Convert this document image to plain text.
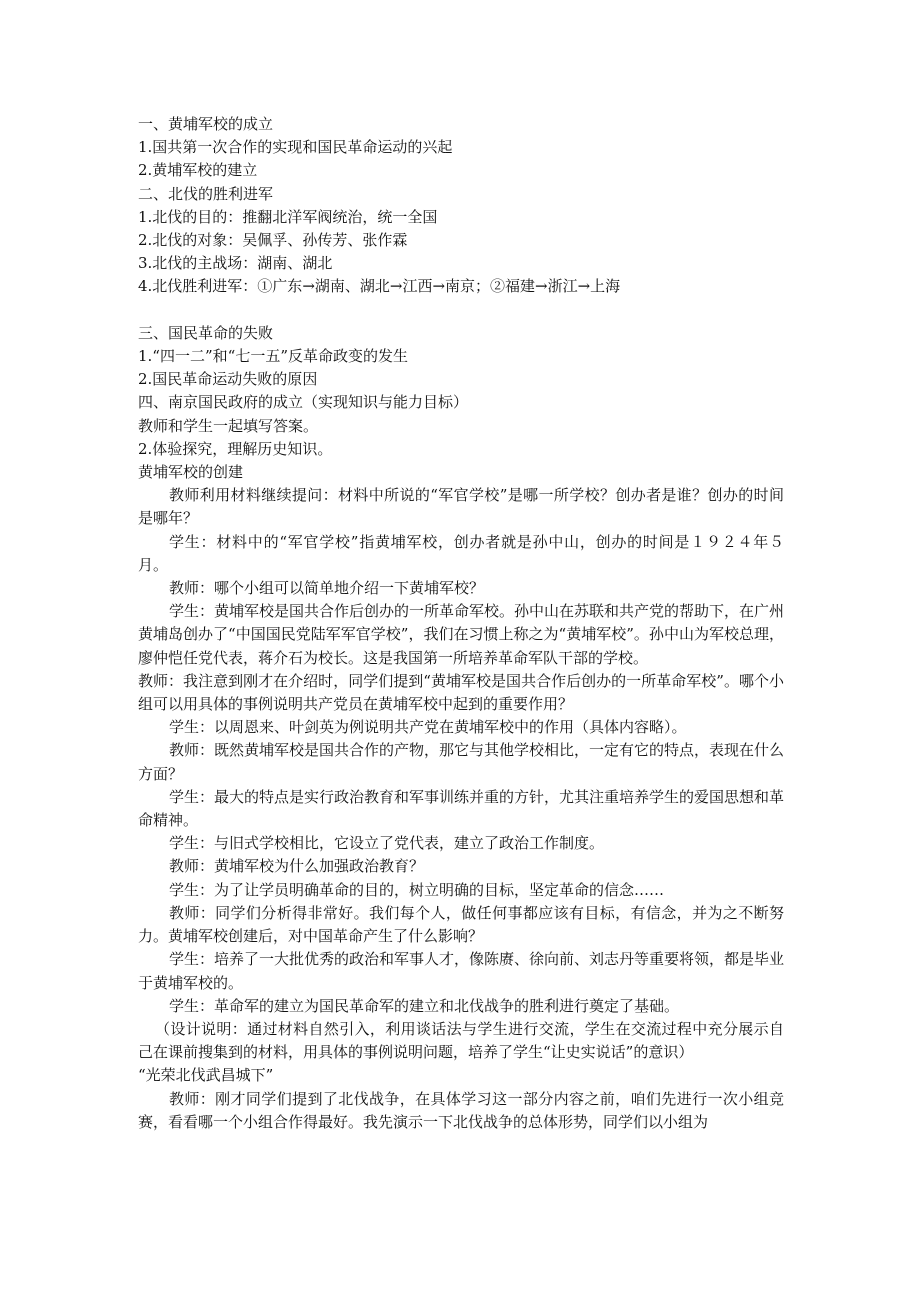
一、黄埔军校的成立
1.国共第一次合作的实现和国民革命运动的兴起
2.黄埔军校的建立
二、北伐的胜利进军
1.北伐的目的：推翻北洋军阀统治，统一全国
2.北伐的对象：吴佩孚、孙传芳、张作霖
3.北伐的主战场：湖南、湖北
4.北伐胜利进军：①广东→湖南、湖北→江西→南京；②福建→浙江→上海
三、国民革命的失败
1.“四一二”和“七一五”反革命政变的发生
2.国民革命运动失败的原因
四、南京国民政府的成立（实现知识与能力目标）
教师和学生一起填写答案。
2.体验探究，理解历史知识。
黄埔军校的创建
教师利用材料继续提问：材料中所说的“军官学校”是哪一所学校？创办者是谁？创办的时间是哪年？
学生：材料中的“军官学校”指黄埔军校，创办者就是孙中山，创办的时间是１９２４年５月。
教师：哪个小组可以简单地介绍一下黄埔军校？
学生：黄埔军校是国共合作后创办的一所革命军校。孙中山在苏联和共产党的帮助下，在广州黄埔岛创办了“中国国民党陆军军官学校”，我们在习惯上称之为“黄埔军校”。孙中山为军校总理，廖仲恺任党代表，蒋介石为校长。这是我国第一所培养革命军队干部的学校。
教师：我注意到刚才在介绍时，同学们提到“黄埔军校是国共合作后创办的一所革命军校”。哪个小组可以用具体的事例说明共产党员在黄埔军校中起到的重要作用？
学生：以周恩来、叶剑英为例说明共产党在黄埔军校中的作用（具体内容略）。
教师：既然黄埔军校是国共合作的产物，那它与其他学校相比，一定有它的特点，表现在什么方面？
学生：最大的特点是实行政治教育和军事训练并重的方针，尤其注重培养学生的爱国思想和革命精神。
学生：与旧式学校相比，它设立了党代表，建立了政治工作制度。
教师：黄埔军校为什么加强政治教育？
学生：为了让学员明确革命的目的，树立明确的目标，坚定革命的信念……
教师：同学们分析得非常好。我们每个人，做任何事都应该有目标，有信念，并为之不断努力。黄埔军校创建后，对中国革命产生了什么影响？
学生：培养了一大批优秀的政治和军事人才，像陈赓、徐向前、刘志丹等重要将领，都是毕业于黄埔军校的。
学生：革命军的建立为国民革命军的建立和北伐战争的胜利进行奠定了基础。
（设计说明：通过材料自然引入，利用谈话法与学生进行交流，学生在交流过程中充分展示自己在课前搜集到的材料，用具体的事例说明问题，培养了学生“让史实说话”的意识）
“光荣北伐武昌城下”
教师：刚才同学们提到了北伐战争，在具体学习这一部分内容之前，咱们先进行一次小组竞赛，看看哪一个小组合作得最好。我先演示一下北伐战争的总体形势，同学们以小组为
